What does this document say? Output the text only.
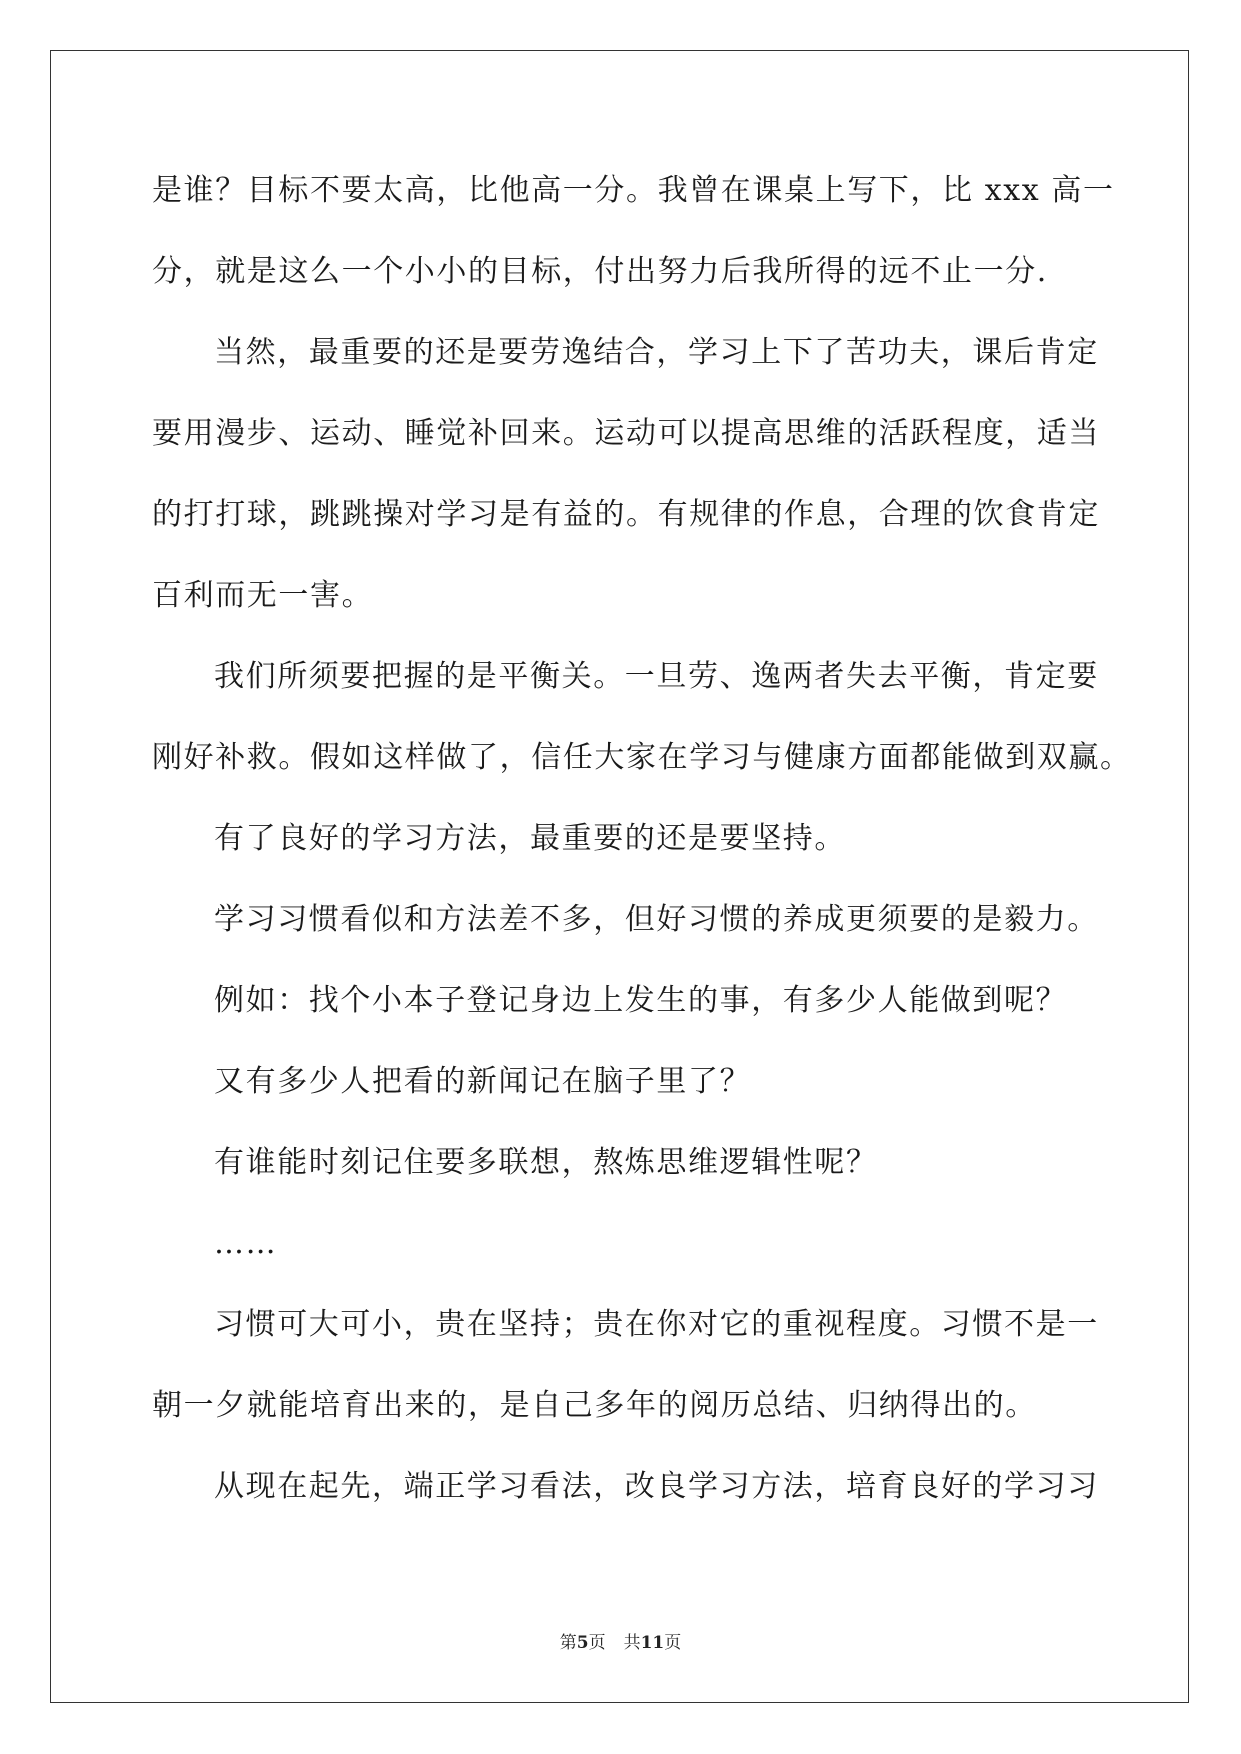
是谁？目标不要太高，比他高一分。我曾在课桌上写下，比 xxx 高一
分，就是这么一个小小的目标，付出努力后我所得的远不止一分.
当然，最重要的还是要劳逸结合，学习上下了苦功夫，课后肯定
要用漫步、运动、睡觉补回来。运动可以提高思维的活跃程度，适当
的打打球，跳跳操对学习是有益的。有规律的作息，合理的饮食肯定
百利而无一害。
我们所须要把握的是平衡关。一旦劳、逸两者失去平衡，肯定要
刚好补救。假如这样做了，信任大家在学习与健康方面都能做到双赢。
有了良好的学习方法，最重要的还是要坚持。
学习习惯看似和方法差不多，但好习惯的养成更须要的是毅力。
例如：找个小本子登记身边上发生的事，有多少人能做到呢？
又有多少人把看的新闻记在脑子里了？
有谁能时刻记住要多联想，熬炼思维逻辑性呢？
……
习惯可大可小，贵在坚持；贵在你对它的重视程度。习惯不是一
朝一夕就能培育出来的，是自己多年的阅历总结、归纳得出的。
从现在起先，端正学习看法，改良学习方法，培育良好的学习习
第5页 共11页
